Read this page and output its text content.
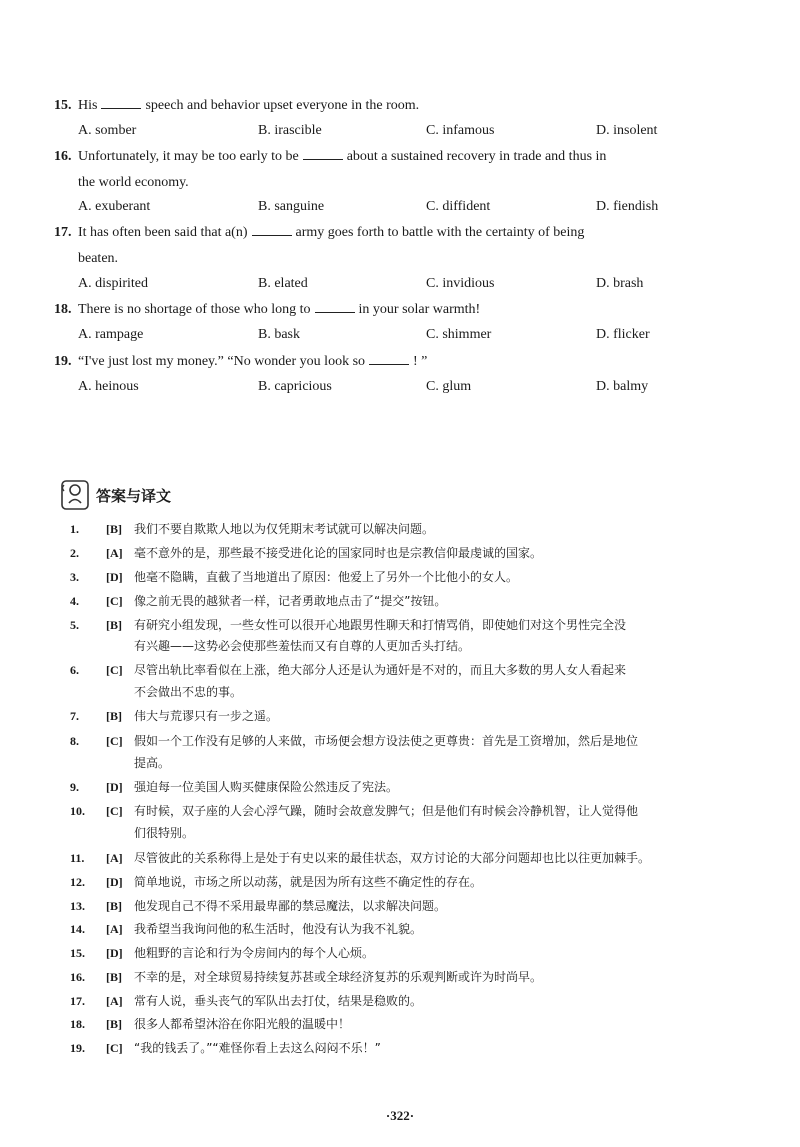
15. His	speech and behavior upset everyone in the room.
A. somber	B. irascible	C. infamous	D. insolent
16. Unfortunately, it may be too early to be	about a sustained recovery in trade and thus in
the world economy.
A. exuberant	B. sanguine	C. diffident	D. fiendish
17. It has often been said that a(n)	army goes forth to battle with the certainty of being
beaten.
A. dispirited	B. elated	C. invidious	D. brash
18. There is no shortage of those who long to	in your solar warmth!
A. rampage	B. bask	C. shimmer	D. flicker
19. “I've just lost my money.” “No wonder you look so	! ”
A. heinous	B. capricious	C. glum	D. balmy
答案与译文
1. [B] 我们不要自欺欺人地以为仅凭期末考试就可以解决问题。
2. [A] 毫不意外的是，那些最不接受进化论的国家同时也是宗教信仰最虔诚的国家。
3. [D] 他毫不隐瞒，直截了当地道出了原因：他爱上了另外一个比他小的女人。
4. [C] 像之前无畏的越狱者一样，记者勇敢地点击了“提交”按钮。
5. [B] 有研究小组发现，一些女性可以很开心地跟男性聊天和打情骂俏，即使她们对这个男性完全没
有兴趣——这势必会使那些羞怯而又有自尊的人更加舌头打结。
6. [C] 尽管出轨比率看似在上涨，绝大部分人还是认为通奸是不对的，而且大多数的男人女人看起来
不会做出不忠的事。
7. [B] 伟大与荒谬只有一步之遥。
8. [C] 假如一个工作没有足够的人来做，市场便会想方设法使之更尊贵：首先是工资增加，然后是地位
提高。
9. [D] 强迫每一位美国人购买健康保险公然违反了宪法。
10. [C] 有时候，双子座的人会心浮气躁，随时会故意发脾气；但是他们有时候会冷静机智，让人觉得他
们很特别。
11. [A] 尽管彼此的关系称得上是处于有史以来的最佳状态，双方讨论的大部分问题却也比以往更加棘手。
12. [D] 简单地说，市场之所以动荡，就是因为所有这些不确定性的存在。
13. [B] 他发现自己不得不采用最卑鄙的禁忌魔法，以求解决问题。
14. [A] 我希望当我询问他的私生活时，他没有认为我不礼貌。
15. [D] 他粗野的言论和行为令房间内的每个人心烦。
16. [B] 不幸的是，对全球贸易持续复苏甚或全球经济复苏的乐观判断或许为时尚早。
17. [A] 常有人说，垂头丧气的军队出去打仗，结果是稳败的。
18. [B] 很多人都希望沐浴在你阳光般的温暖中！
19. [C] “我的钱丢了。”“难怪你看上去这么闷闷不乐！”
·322·
